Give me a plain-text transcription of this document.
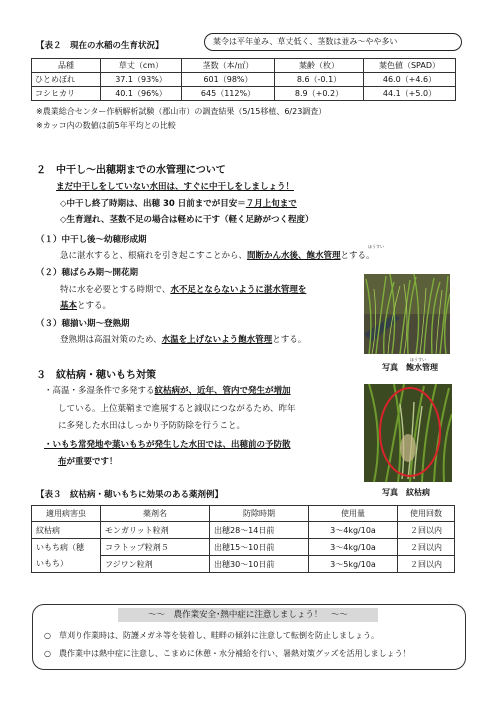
【表２　現在の水稲の生育状況】	葉令は平年並み、草丈低く、茎数は並み～やや多い
品種	草丈（cm）	茎数（本/㎡）	葉齢（枚）	葉色値（SPAD）
ひとめぼれ	37.1（93%）	601（98%）	8.6（-0.1）	46.0（+4.6）
コシヒカリ	40.1（96%）	645（112%）	8.9（+0.2）	44.1（+5.0）
※農業総合センター作柄解析試験（郡山市）の調査結果（5/15移植、6/23調査）
※カッコ内の数値は前5年平均との比較
２　中干し～出穂期までの水管理について
まだ中干しをしていない水田は、すぐに中干しをしましょう！
◇中干し終了時期は、出穂 30 日前までが目安＝７月上旬まで
◇生育遅れ、茎数不足の場合は軽めに干す（軽く足跡がつく程度）
（１）中干し後～幼穂形成期
急に湛水すると、根痛れを引き起こすことから、間断かん水後、飽水管理とする。
ほうすい
（２）穂ばらみ期～開花期
特に水を必要とする時期で、水不足とならないように湛水管理を
基本とする。
（３）穂揃い期～登熟期
登熟期は高温対策のため、水温を上げないよう飽水管理とする。
ほうすい
写真　飽水管理
３　紋枯病・穂いもち対策
・高温・多湿条件で多発する紋枯病が、近年、管内で発生が増加
している。上位葉鞘まで進展すると減収につながるため、昨年
に多発した水田はしっかり予防防除を行うこと。
・いもち常発地や葉いもちが発生した水田では、出穂前の予防散
布が重要です！
写真　紋枯病
【表３　紋枯病・穂いもちに効果のある薬剤例】
適用病害虫	薬剤名	防除時期	使用量	使用回数
紋枯病	モンガリット粒剤	出穂28～14日前	3～4kg/10a	２回以内
いもち病（穂	コラトップ粒剤５	出穂15～10日前	3～4kg/10a	２回以内
いもち）	フジワン粒剤	出穂30～10日前	3～5kg/10a	２回以内
～～　農作業安全･熱中症に注意しましょう！　～～
○　草刈り作業時は、防護メガネ等を装着し、畦畔の傾斜に注意して転倒を防止しましょう。
○　農作業中は熱中症に注意し、こまめに休憩・水分補給を行い、暑熱対策グッズを活用しましょう！
